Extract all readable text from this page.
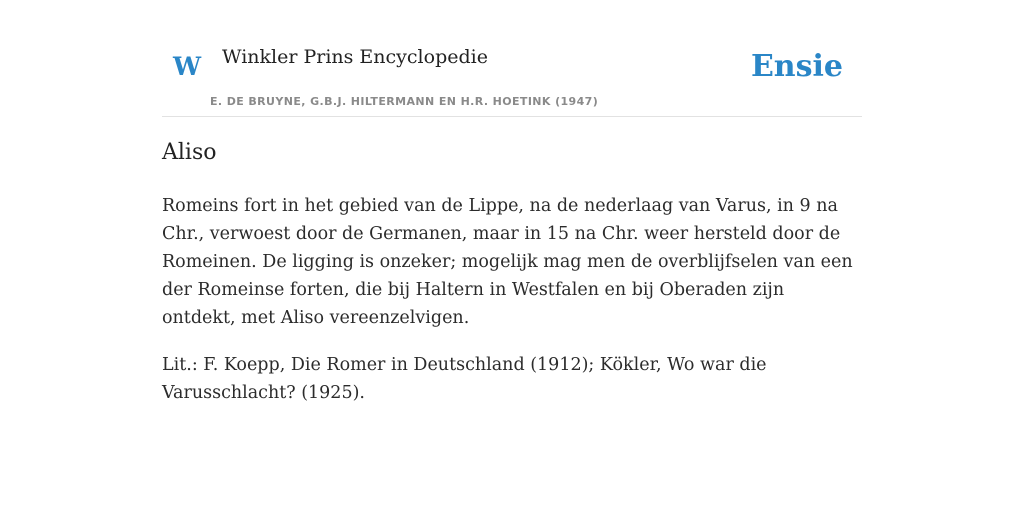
W Winkler Prins Encyclopedie
E. DE BRUYNE, G.B.J. HILTERMANN EN H.R. HOETINK (1947)
Ensie
Aliso

Romeins fort in het gebied van de Lippe, na de nederlaag van Varus, in 9 na Chr., verwoest door de Germanen, maar in 15 na Chr. weer hersteld door de Romeinen. De ligging is onzeker; mogelijk mag men de overblijfselen van een der Romeinse forten, die bij Haltern in Westfalen en bij Oberaden zijn ontdekt, met Aliso vereenzelvigen.

Lit.: F. Koepp, Die Romer in Deutschland (1912); Kökler, Wo war die Varusschlacht? (1925).
